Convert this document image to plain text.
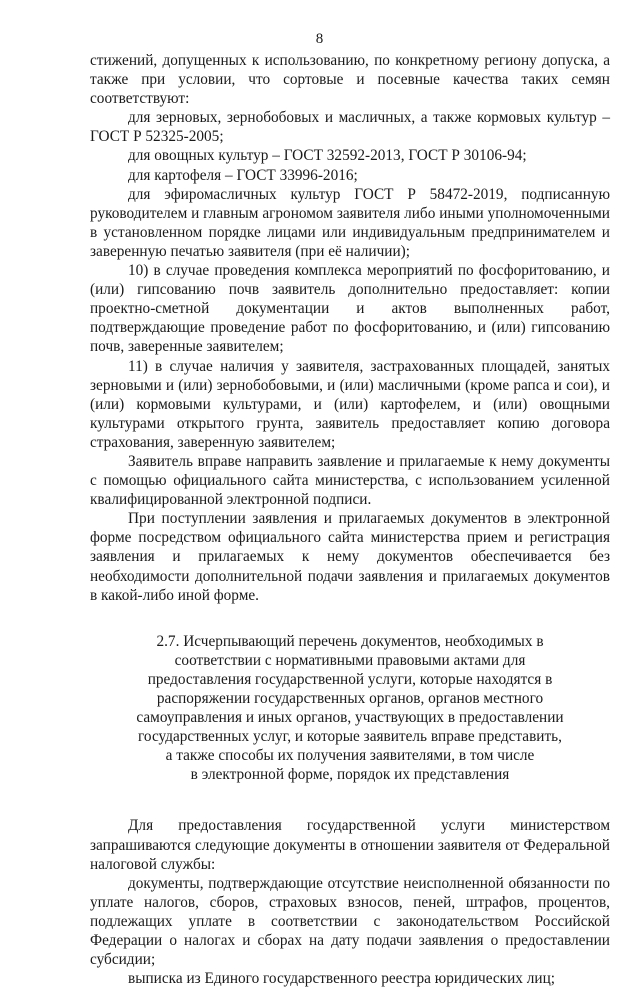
8

стижений, допущенных к использованию, по конкретному региону допуска, а также при условии, что сортовые и посевные качества таких семян соответствуют:

для зерновых, зернобобовых и масличных, а также кормовых культур – ГОСТ Р 52325-2005;

для овощных культур – ГОСТ 32592-2013, ГОСТ Р 30106-94;

для картофеля – ГОСТ 33996-2016;

для эфиромасличных культур ГОСТ Р 58472-2019, подписанную руководителем и главным агрономом заявителя либо иными уполномоченными в установленном порядке лицами или индивидуальным предпринимателем и заверенную печатью заявителя (при её наличии);

10) в случае проведения комплекса мероприятий по фосфоритованию, и (или) гипсованию почв заявитель дополнительно предоставляет: копии проектно-сметной документации и актов выполненных работ, подтверждающие проведение работ по фосфоритованию, и (или) гипсованию почв, заверенные заявителем;

11) в случае наличия у заявителя, застрахованных площадей, занятых зерновыми и (или) зернобобовыми, и (или) масличными (кроме рапса и сои), и (или) кормовыми культурами, и (или) картофелем, и (или) овощными культурами открытого грунта, заявитель предоставляет копию договора страхования, заверенную заявителем;

Заявитель вправе направить заявление и прилагаемые к нему документы с помощью официального сайта министерства, с использованием усиленной квалифицированной электронной подписи.

При поступлении заявления и прилагаемых документов в электронной форме посредством официального сайта министерства прием и регистрация заявления и прилагаемых к нему документов обеспечивается без необходимости дополнительной подачи заявления и прилагаемых документов в какой-либо иной форме.

2.7. Исчерпывающий перечень документов, необходимых в
соответствии с нормативными правовыми актами для
предоставления государственной услуги, которые находятся в
распоряжении государственных органов, органов местного
самоуправления и иных органов, участвующих в предоставлении
государственных услуг, и которые заявитель вправе представить,
а также способы их получения заявителями, в том числе
в электронной форме, порядок их представления

Для предоставления государственной услуги министерством запрашиваются следующие документы в отношении заявителя от Федеральной налоговой службы:

документы, подтверждающие отсутствие неисполненной обязанности по уплате налогов, сборов, страховых взносов, пеней, штрафов, процентов, подлежащих уплате в соответствии с законодательством Российской Федерации о налогах и сборах на дату подачи заявления о предоставлении субсидии;

выписка из Единого государственного реестра юридических лиц;
